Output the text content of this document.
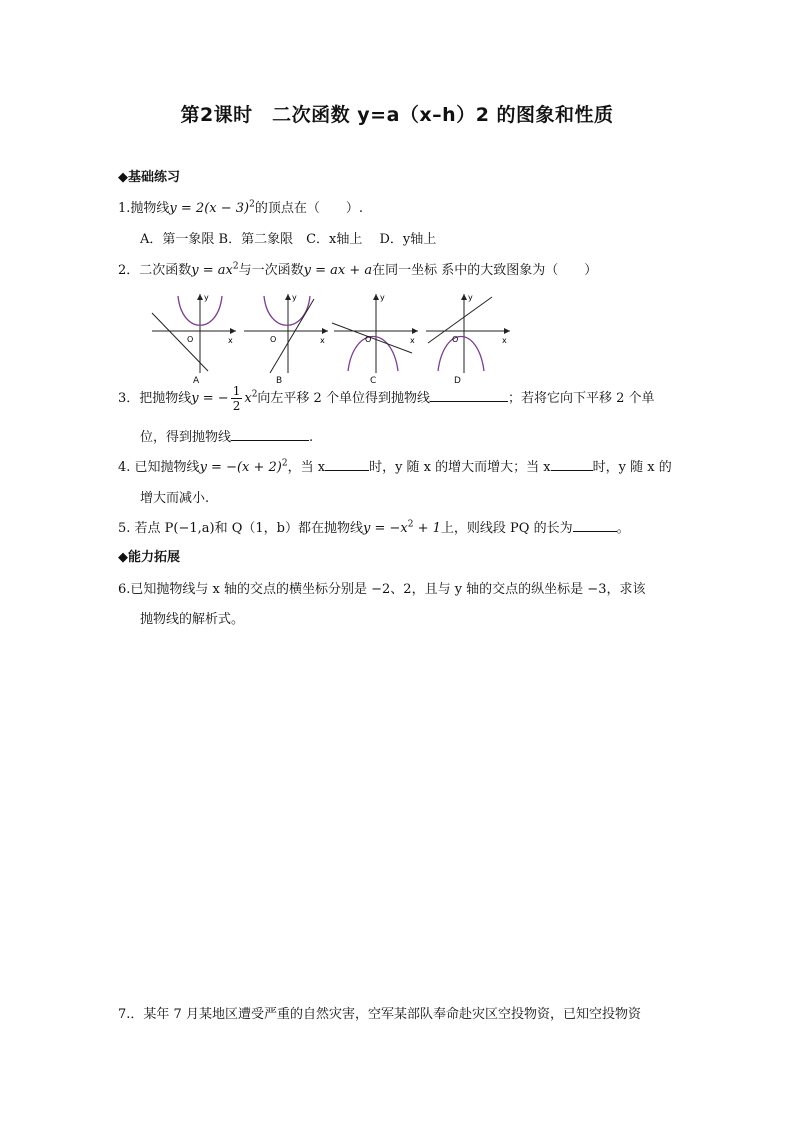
第2课时　二次函数 y=a（x–h）2 的图象和性质
◆基础练习
1.抛物线$y = 2(x - 3)^2$的顶点在（　　）.
A．第一象限 B．第二象限　C．x轴上　 D．y轴上
2．二次函数$y = ax^2$与一次函数y = ax + a在同一坐标 系中的大致图象为（　　）
y
x
O
y
x
O
y
x
O
y
x
O
A	B	C	D
3．把抛物线y = − $\frac{1}{2} x^2$向左平移 2 个单位得到抛物线	；若将它向下平移 2 个单
位，得到抛物线	.
4. 已知抛物线$y = -(x + 2)^2$，当 x	时，y 随 x 的增大而增大；当 x	时，y 随 x 的
增大而减小.
5. 若点 P(−1,a)和 Q（1，b）都在抛物线$y = -x^2 + 1$上，则线段 PQ 的长为	。
◆能力拓展
6.已知抛物线与 x 轴的交点的横坐标分别是 −2、2，且与 y 轴的交点的纵坐标是 −3，求该
抛物线的解析式。
7.．某年 7 月某地区遭受严重的自然灾害，空军某部队奉命赴灾区空投物资，已知空投物资
